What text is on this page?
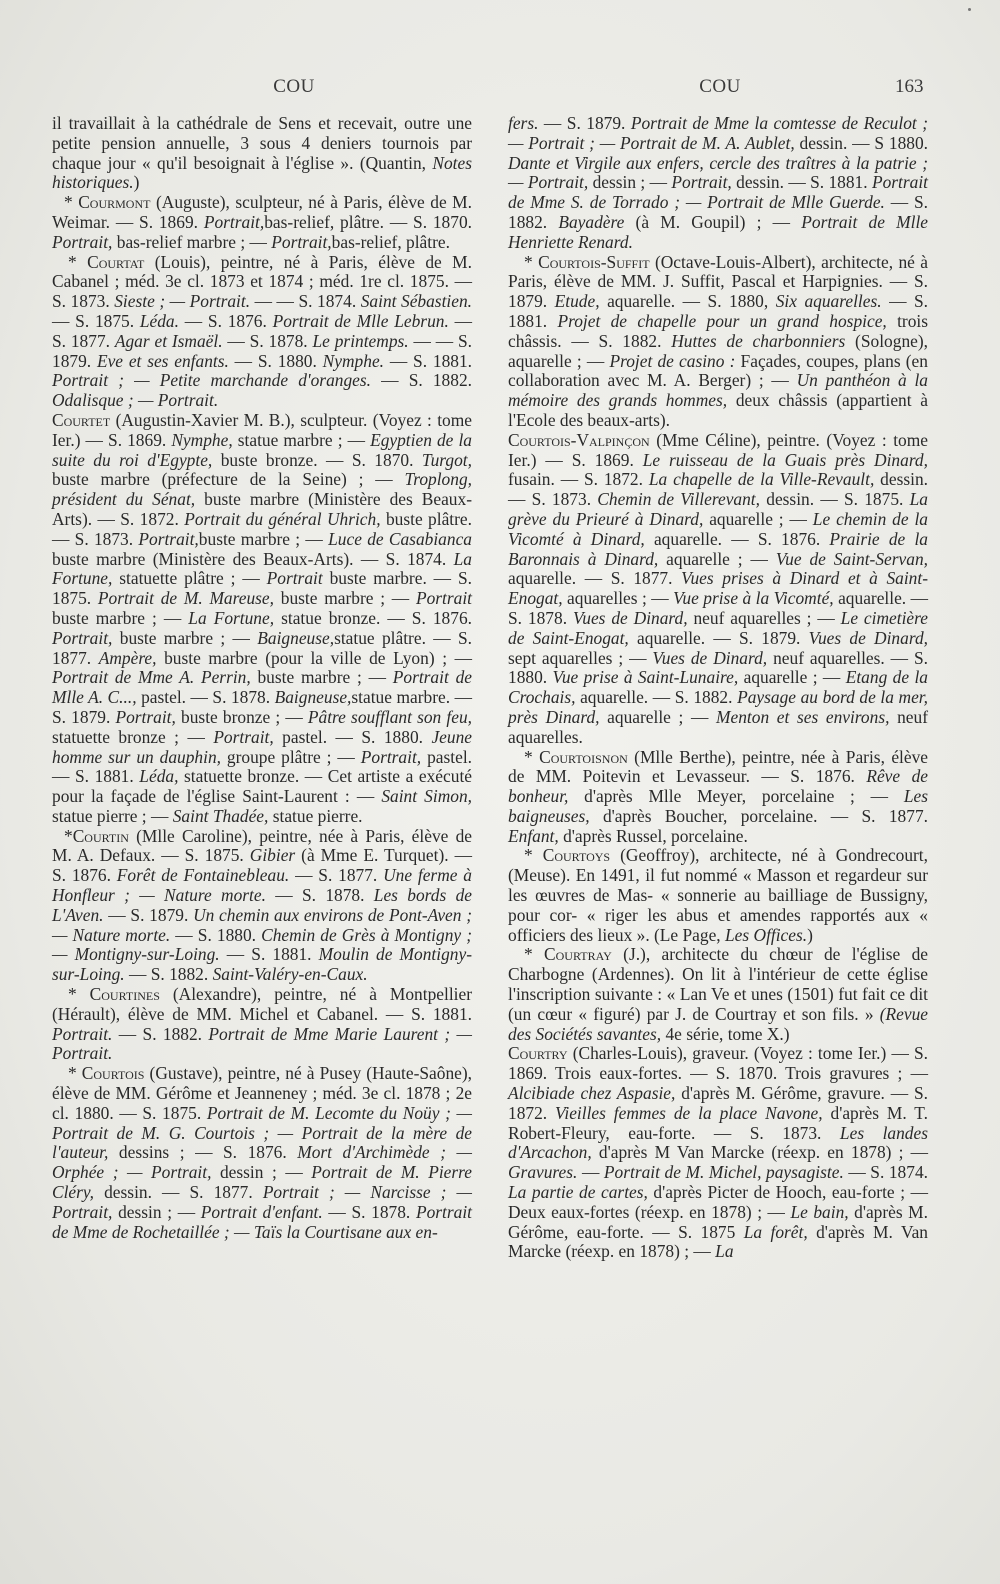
COU	COU	163

il travaillait à la cathédrale de Sens et recevait, outre une petite pension annuelle, 3 sous 4 deniers tournois par chaque jour « qu'il besoignait à l'église ». (Quantin, Notes historiques.)

* Courmont (Auguste), sculpteur, né à Paris, élève de M. Weimar. — S. 1869. Portrait,bas-relief, plâtre. — S. 1870. Portrait, bas-relief marbre ; — Portrait,bas-relief, plâtre.

* Courtat (Louis), peintre, né à Paris, élève de M. Cabanel ; méd. 3e cl. 1873 et 1874 ; méd. 1re cl. 1875. — S. 1873. Sieste ; — Portrait. — — S. 1874. Saint Sébastien. — S. 1875. Léda. — S. 1876. Portrait de Mlle Lebrun. — S. 1877. Agar et Ismaël. — S. 1878. Le printemps. — — S. 1879. Eve et ses enfants. — S. 1880. Nymphe. — S. 1881. Portrait ; — Petite marchande d'oranges. — S. 1882. Odalisque ; — Portrait.

Courtet (Augustin-Xavier M. B.), sculpteur. (Voyez : tome Ier.) — S. 1869. Nymphe, statue marbre ; — Egyptien de la suite du roi d'Egypte, buste bronze. — S. 1870. Turgot, buste marbre (préfecture de la Seine) ; — Troplong, président du Sénat, buste marbre (Ministère des Beaux-Arts). — S. 1872. Portrait du général Uhrich, buste plâtre. — S. 1873. Portrait,buste marbre ; — Luce de Casabianca buste marbre (Ministère des Beaux-Arts). — S. 1874. La Fortune, statuette plâtre ; — Portrait buste marbre. — S. 1875. Portrait de M. Mareuse, buste marbre ; — Portrait buste marbre ; — La Fortune, statue bronze. — S. 1876. Portrait, buste marbre ; — Baigneuse,statue plâtre. — S. 1877. Ampère, buste marbre (pour la ville de Lyon) ; — Portrait de Mme A. Perrin, buste marbre ; — Portrait de Mlle A. C..., pastel. — S. 1878. Baigneuse,statue marbre. — S. 1879. Portrait, buste bronze ; — Pâtre soufflant son feu, statuette bronze ; — Portrait, pastel. — S. 1880. Jeune homme sur un dauphin, groupe plâtre ; — Portrait, pastel. — S. 1881. Léda, statuette bronze. — Cet artiste a exécuté pour la façade de l'église Saint-Laurent : — Saint Simon, statue pierre ; — Saint Thadée, statue pierre.

*Courtin (Mlle Caroline), peintre, née à Paris, élève de M. A. Defaux. — S. 1875. Gibier (à Mme E. Turquet). — S. 1876. Forêt de Fontainebleau. — S. 1877. Une ferme à Honfleur ; — Nature morte. — S. 1878. Les bords de L'Aven. — S. 1879. Un chemin aux environs de Pont-Aven ; — Nature morte. — S. 1880. Chemin de Grès à Montigny ; — Montigny-sur-Loing. — S. 1881. Moulin de Montigny-sur-Loing. — S. 1882. Saint-Valéry-en-Caux.

* Courtines (Alexandre), peintre, né à Montpellier (Hérault), élève de MM. Michel et Cabanel. — S. 1881. Portrait. — S. 1882. Portrait de Mme Marie Laurent ; — Portrait.

* Courtois (Gustave), peintre, né à Pusey (Haute-Saône), élève de MM. Gérôme et Jeanneney ; méd. 3e cl. 1878 ; 2e cl. 1880. — S. 1875. Portrait de M. Lecomte du Noüy ; — Portrait de M. G. Courtois ; — Portrait de la mère de l'auteur, dessins ; — S. 1876. Mort d'Archimède ; — Orphée ; — Portrait, dessin ; — Portrait de M. Pierre Cléry, dessin. — S. 1877. Portrait ; — Narcisse ; — Portrait, dessin ; — Portrait d'enfant. — S. 1878. Portrait de Mme de Rochetaillée ; — Taïs la Courtisane aux en-

fers. — S. 1879. Portrait de Mme la comtesse de Reculot ; — Portrait ; — Portrait de M. A. Aublet, dessin. — S 1880. Dante et Virgile aux enfers, cercle des traîtres à la patrie ; — Portrait, dessin ; — Portrait, dessin. — S. 1881. Portrait de Mme S. de Torrado ; — Portrait de Mlle Guerde. — S. 1882. Bayadère (à M. Goupil) ; — Portrait de Mlle Henriette Renard.

* Courtois-Suffit (Octave-Louis-Albert), architecte, né à Paris, élève de MM. J. Suffit, Pascal et Harpignies. — S. 1879. Etude, aquarelle. — S. 1880, Six aquarelles. — S. 1881. Projet de chapelle pour un grand hospice, trois châssis. — S. 1882. Huttes de charbonniers (Sologne), aquarelle ; — Projet de casino : Façades, coupes, plans (en collaboration avec M. A. Berger) ; — Un panthéon à la mémoire des grands hommes, deux châssis (appartient à l'Ecole des beaux-arts).

Courtois-Valpinçon (Mme Céline), peintre. (Voyez : tome Ier.) — S. 1869. Le ruisseau de la Guais près Dinard, fusain. — S. 1872. La chapelle de la Ville-Revault, dessin. — S. 1873. Chemin de Villerevant, dessin. — S. 1875. La grève du Prieuré à Dinard, aquarelle ; — Le chemin de la Vicomté à Dinard, aquarelle. — S. 1876. Prairie de la Baronnais à Dinard, aquarelle ; — Vue de Saint-Servan, aquarelle. — S. 1877. Vues prises à Dinard et à Saint-Enogat, aquarelles ; — Vue prise à la Vicomté, aquarelle. — S. 1878. Vues de Dinard, neuf aquarelles ; — Le cimetière de Saint-Enogat, aquarelle. — S. 1879. Vues de Dinard, sept aquarelles ; — Vues de Dinard, neuf aquarelles. — S. 1880. Vue prise à Saint-Lunaire, aquarelle ; — Etang de la Crochais, aquarelle. — S. 1882. Paysage au bord de la mer, près Dinard, aquarelle ; — Menton et ses environs, neuf aquarelles.

* Courtoisnon (Mlle Berthe), peintre, née à Paris, élève de MM. Poitevin et Levasseur. — S. 1876. Rêve de bonheur, d'après Mlle Meyer, porcelaine ; — Les baigneuses, d'après Boucher, porcelaine. — S. 1877. Enfant, d'après Russel, porcelaine.

* Courtoys (Geoffroy), architecte, né à Gondrecourt, (Meuse). En 1491, il fut nommé « Masson et regardeur sur les œuvres de Mas- « sonnerie au bailliage de Bussigny, pour cor- « riger les abus et amendes rapportés aux « officiers des lieux ». (Le Page, Les Offices.)

* Courtray (J.), architecte du chœur de l'église de Charbogne (Ardennes). On lit à l'intérieur de cette église l'inscription suivante : « Lan Ve et unes (1501) fut fait ce dit (un cœur « figuré) par J. de Courtray et son fils. » (Revue des Sociétés savantes, 4e série, tome X.)

Courtry (Charles-Louis), graveur. (Voyez : tome Ier.) — S. 1869. Trois eaux-fortes. — S. 1870. Trois gravures ; — Alcibiade chez Aspasie, d'après M. Gérôme, gravure. — S. 1872. Vieilles femmes de la place Navone, d'après M. T. Robert-Fleury, eau-forte. — S. 1873. Les landes d'Arcachon, d'après M Van Marcke (réexp. en 1878) ; — Gravures. — Portrait de M. Michel, paysagiste. — S. 1874. La partie de cartes, d'après Picter de Hooch, eau-forte ; — Deux eaux-fortes (réexp. en 1878) ; — Le bain, d'après M. Gérôme, eau-forte. — S. 1875 La forêt, d'après M. Van Marcke (réexp. en 1878) ; — La
